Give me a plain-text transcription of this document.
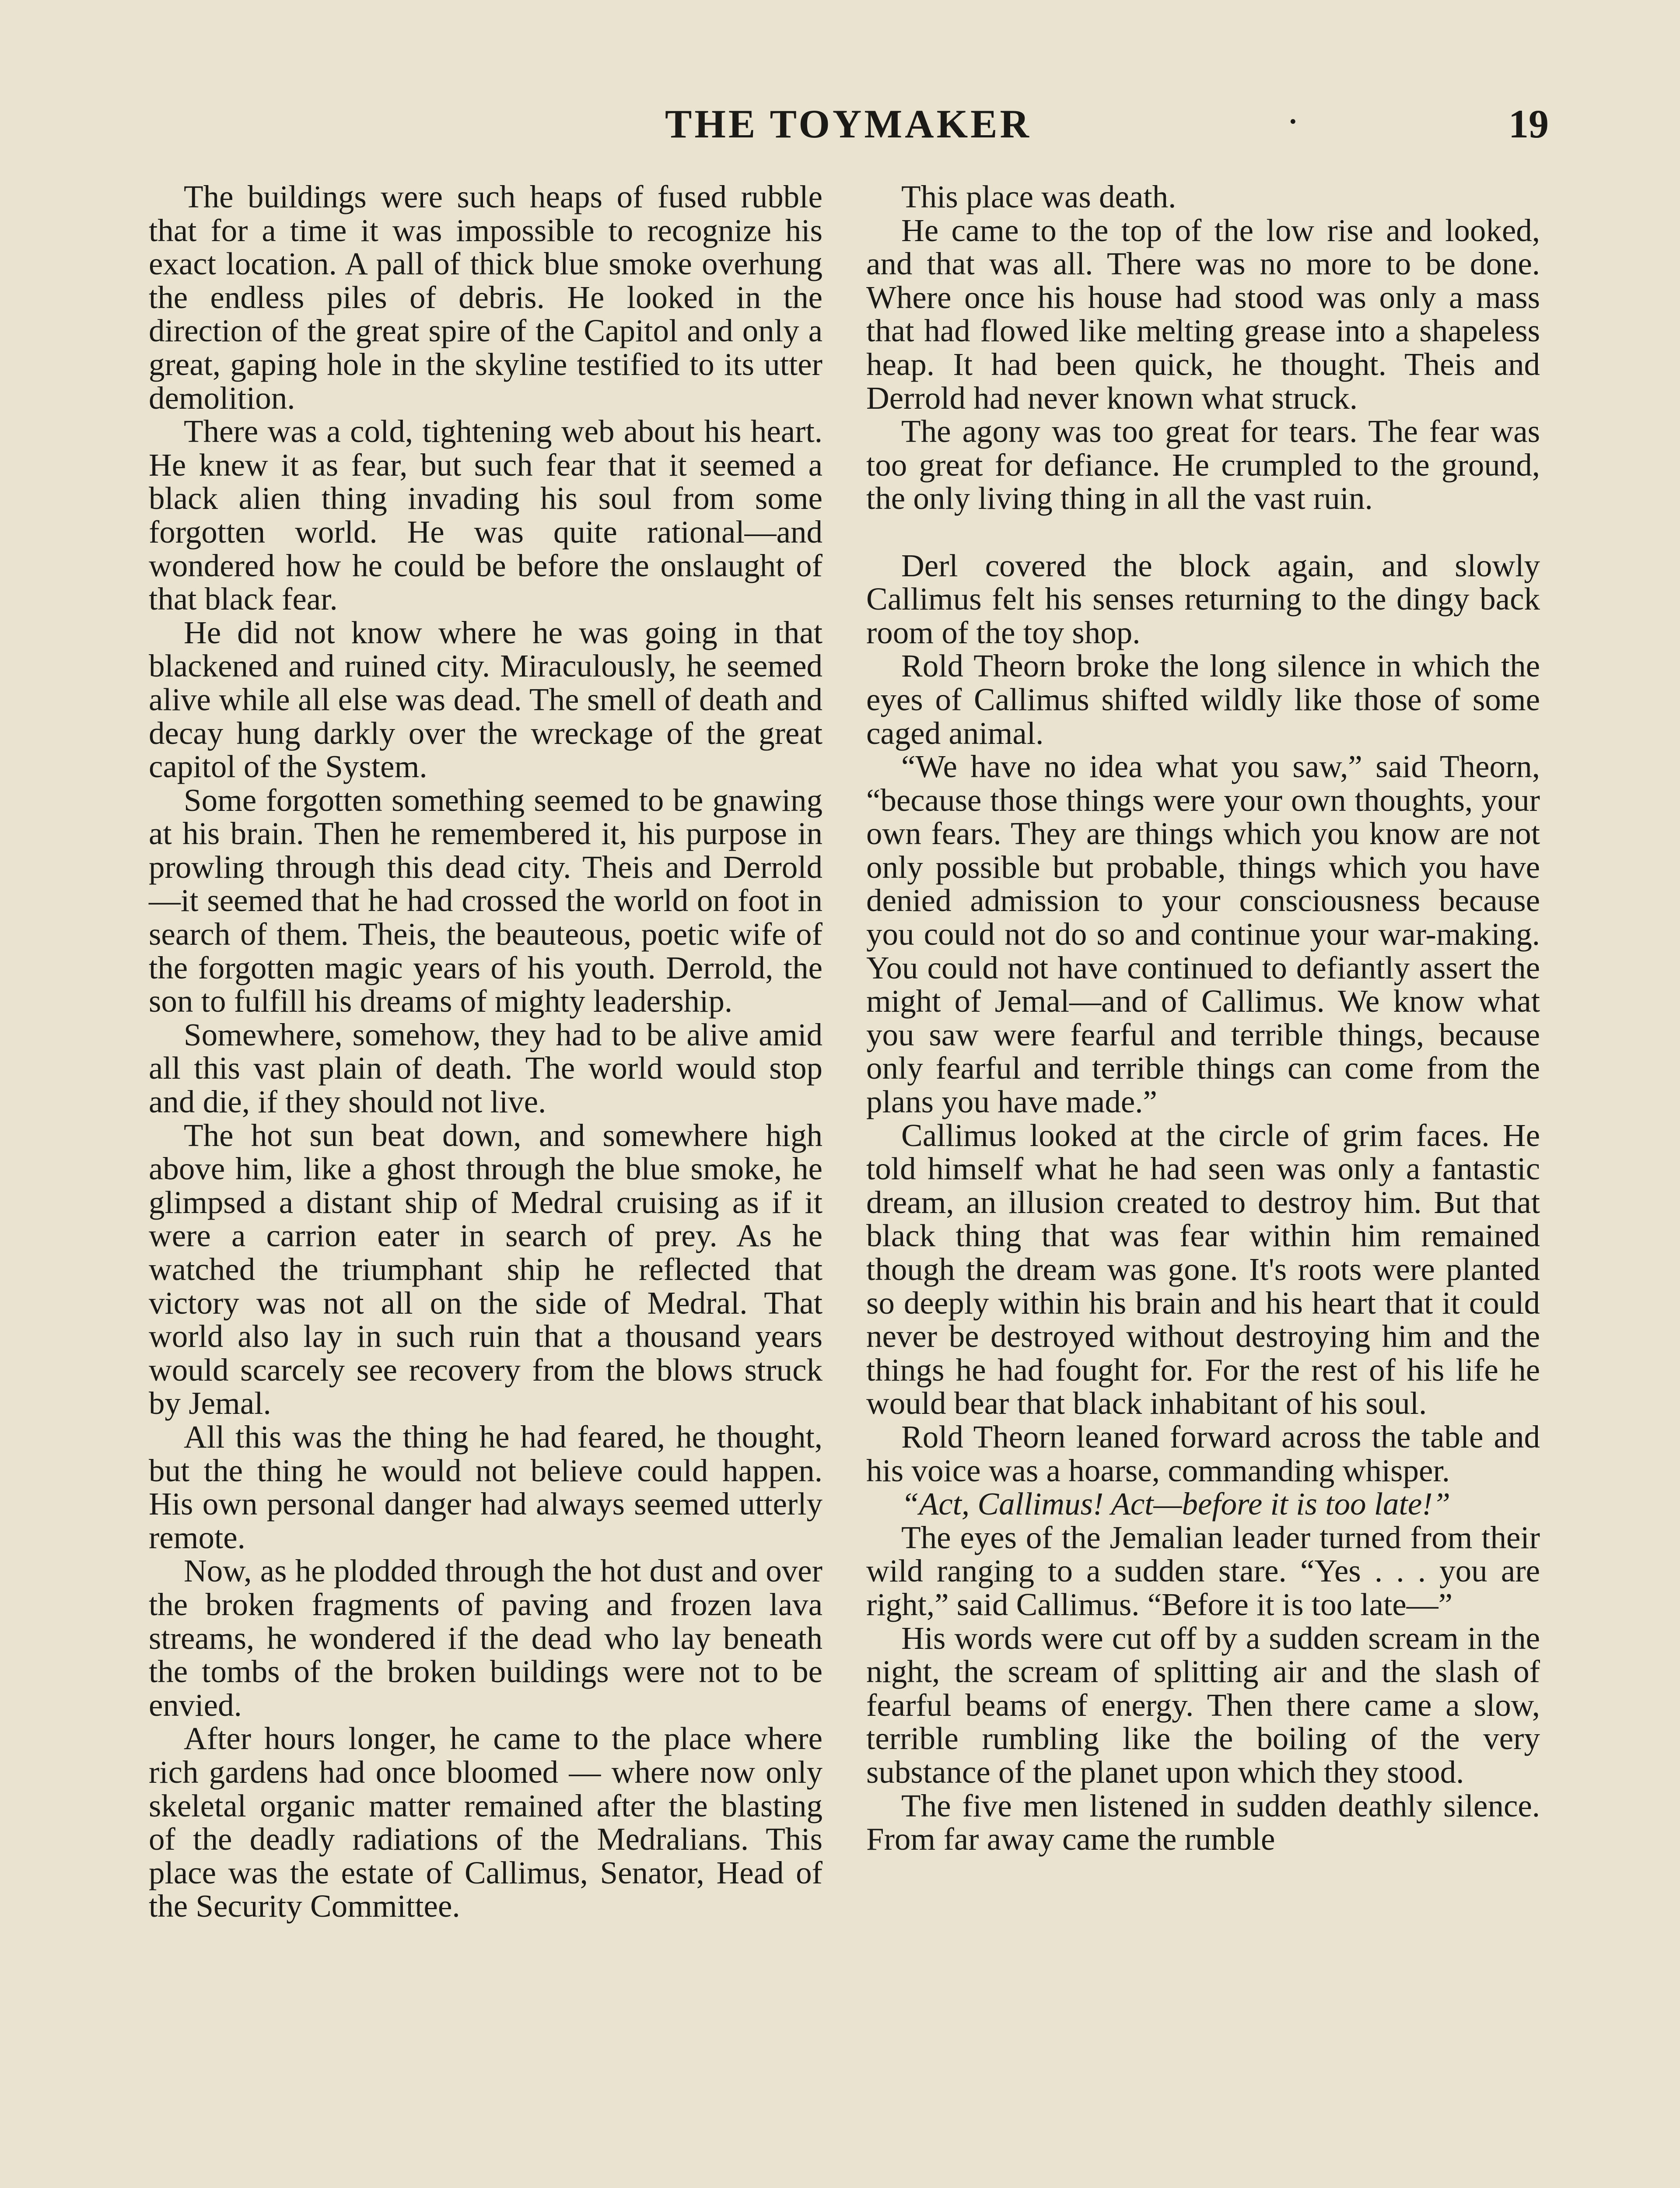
THE TOYMAKER	·	19

The buildings were such heaps of fused rubble that for a time it was impossible to recognize his exact location. A pall of thick blue smoke overhung the endless piles of debris. He looked in the direction of the great spire of the Capitol and only a great, gaping hole in the skyline testified to its utter demolition.

There was a cold, tightening web about his heart. He knew it as fear, but such fear that it seemed a black alien thing invading his soul from some forgotten world. He was quite rational—and wondered how he could be before the onslaught of that black fear.

He did not know where he was going in that blackened and ruined city. Miraculously, he seemed alive while all else was dead. The smell of death and decay hung darkly over the wreckage of the great capitol of the System.

Some forgotten something seemed to be gnawing at his brain. Then he remembered it, his purpose in prowling through this dead city. Theis and Derrold—it seemed that he had crossed the world on foot in search of them. Theis, the beauteous, poetic wife of the forgotten magic years of his youth. Derrold, the son to fulfill his dreams of mighty leadership.

Somewhere, somehow, they had to be alive amid all this vast plain of death. The world would stop and die, if they should not live.

The hot sun beat down, and somewhere high above him, like a ghost through the blue smoke, he glimpsed a distant ship of Medral cruising as if it were a carrion eater in search of prey. As he watched the triumphant ship he reflected that victory was not all on the side of Medral. That world also lay in such ruin that a thousand years would scarcely see recovery from the blows struck by Jemal.

All this was the thing he had feared, he thought, but the thing he would not believe could happen. His own personal danger had always seemed utterly remote.

Now, as he plodded through the hot dust and over the broken fragments of paving and frozen lava streams, he wondered if the dead who lay beneath the tombs of the broken buildings were not to be envied.

After hours longer, he came to the place where rich gardens had once bloomed — where now only skeletal organic matter remained after the blasting of the deadly radiations of the Medralians. This place was the estate of Callimus, Senator, Head of the Security Committee.

This place was death.

He came to the top of the low rise and looked, and that was all. There was no more to be done. Where once his house had stood was only a mass that had flowed like melting grease into a shapeless heap. It had been quick, he thought. Theis and Derrold had never known what struck.

The agony was too great for tears. The fear was too great for defiance. He crumpled to the ground, the only living thing in all the vast ruin.

Derl covered the block again, and slowly Callimus felt his senses returning to the dingy back room of the toy shop.

Rold Theorn broke the long silence in which the eyes of Callimus shifted wildly like those of some caged animal.

“We have no idea what you saw,” said Theorn, “because those things were your own thoughts, your own fears. They are things which you know are not only possible but probable, things which you have denied admission to your consciousness because you could not do so and continue your war-making. You could not have continued to defiantly assert the might of Jemal—and of Callimus. We know what you saw were fearful and terrible things, because only fearful and terrible things can come from the plans you have made.”

Callimus looked at the circle of grim faces. He told himself what he had seen was only a fantastic dream, an illusion created to destroy him. But that black thing that was fear within him remained though the dream was gone. It's roots were planted so deeply within his brain and his heart that it could never be destroyed without destroying him and the things he had fought for. For the rest of his life he would bear that black inhabitant of his soul.

Rold Theorn leaned forward across the table and his voice was a hoarse, commanding whisper.

“Act, Callimus! Act—before it is too late!”

The eyes of the Jemalian leader turned from their wild ranging to a sudden stare. “Yes . . . you are right,” said Callimus. “Before it is too late—”

His words were cut off by a sudden scream in the night, the scream of splitting air and the slash of fearful beams of energy. Then there came a slow, terrible rumbling like the boiling of the very substance of the planet upon which they stood.

The five men listened in sudden deathly silence. From far away came the rumble
